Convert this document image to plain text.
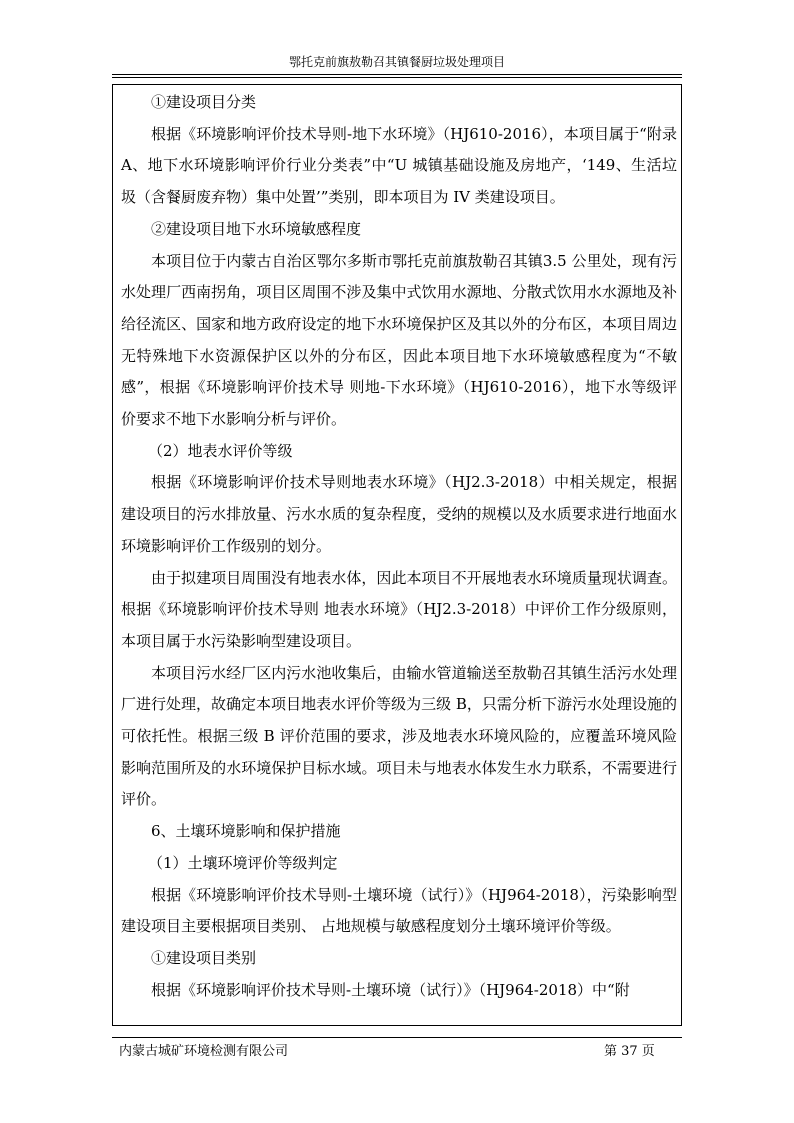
鄂托克前旗敖勒召其镇餐厨垃圾处理项目

①建设项目分类

根据《环境影响评价技术导则-地下水环境》（HJ610-2016），本项目属于“附录 A、地下水环境影响评价行业分类表”中“U 城镇基础设施及房地产，‘149、生活垃圾（含餐厨废弃物）集中处置’”类别，即本项目为 IV 类建设项目。

②建设项目地下水环境敏感程度

本项目位于内蒙古自治区鄂尔多斯市鄂托克前旗敖勒召其镇3.5 公里处，现有污水处理厂西南拐角，项目区周围不涉及集中式饮用水源地、分散式饮用水水源地及补给径流区、国家和地方政府设定的地下水环境保护区及其以外的分布区，本项目周边无特殊地下水资源保护区以外的分布区，因此本项目地下水环境敏感程度为“不敏感”，根据《环境影响评价技术导 则地-下水环境》（HJ610-2016），地下水等级评价要求不地下水影响分析与评价。

（2）地表水评价等级

根据《环境影响评价技术导则地表水环境》（HJ2.3-2018）中相关规定，根据建设项目的污水排放量、污水水质的复杂程度，受纳的规模以及水质要求进行地面水环境影响评价工作级别的划分。

由于拟建项目周围没有地表水体，因此本项目不开展地表水环境质量现状调查。根据《环境影响评价技术导则 地表水环境》（HJ2.3-2018）中评价工作分级原则，本项目属于水污染影响型建设项目。

本项目污水经厂区内污水池收集后，由输水管道输送至敖勒召其镇生活污水处理厂进行处理，故确定本项目地表水评价等级为三级 B，只需分析下游污水处理设施的可依托性。根据三级 B 评价范围的要求，涉及地表水环境风险的，应覆盖环境风险影响范围所及的水环境保护目标水域。项目未与地表水体发生水力联系，不需要进行评价。

6、土壤环境影响和保护措施

（1）土壤环境评价等级判定

根据《环境影响评价技术导则-土壤环境（试行）》（HJ964-2018），污染影响型建设项目主要根据项目类别、 占地规模与敏感程度划分土壤环境评价等级。

①建设项目类别

根据《环境影响评价技术导则-土壤环境（试行）》（HJ964-2018）中“附

内蒙古城矿环境检测有限公司	第 37 页
